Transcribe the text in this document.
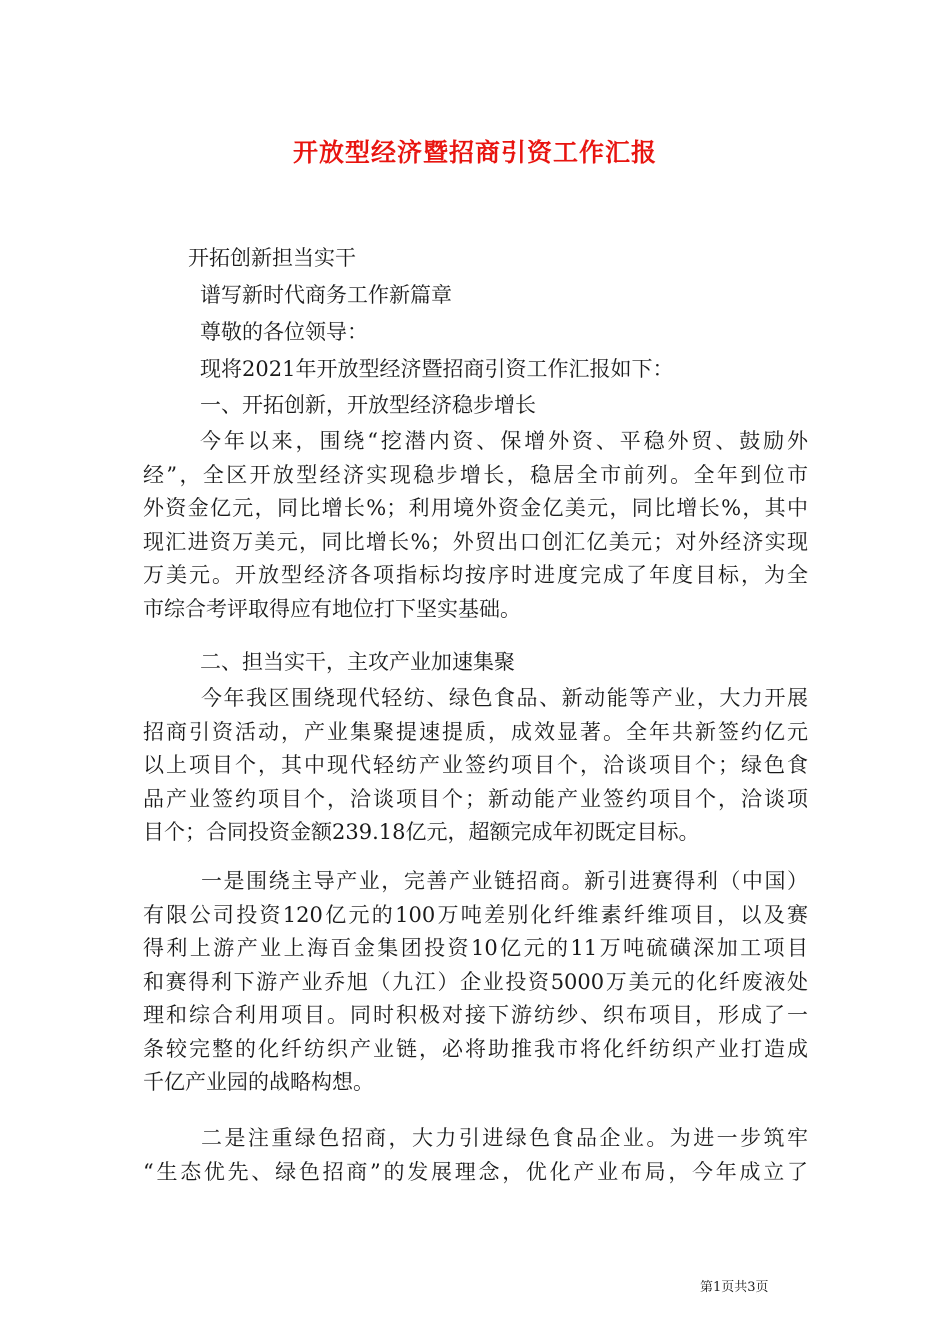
开放型经济暨招商引资工作汇报
开拓创新担当实干
谱写新时代商务工作新篇章
尊敬的各位领导：
现将2021年开放型经济暨招商引资工作汇报如下：
一、开拓创新，开放型经济稳步增长
今年以来，围绕“挖潜内资、保增外资、平稳外贸、鼓励外
经”，全区开放型经济实现稳步增长，稳居全市前列。全年到位市
外资金亿元，同比增长%；利用境外资金亿美元，同比增长%，其中
现汇进资万美元，同比增长%；外贸出口创汇亿美元；对外经济实现
万美元。开放型经济各项指标均按序时进度完成了年度目标，为全
市综合考评取得应有地位打下坚实基础。
二、担当实干，主攻产业加速集聚
今年我区围绕现代轻纺、绿色食品、新动能等产业，大力开展
招商引资活动，产业集聚提速提质，成效显著。全年共新签约亿元
以上项目个，其中现代轻纺产业签约项目个，洽谈项目个；绿色食
品产业签约项目个，洽谈项目个；新动能产业签约项目个，洽谈项
目个；合同投资金额239.18亿元，超额完成年初既定目标。
一是围绕主导产业，完善产业链招商。新引进赛得利（中国）
有限公司投资120亿元的100万吨差别化纤维素纤维项目，以及赛
得利上游产业上海百金集团投资10亿元的11万吨硫磺深加工项目
和赛得利下游产业乔旭（九江）企业投资5000万美元的化纤废液处
理和综合利用项目。同时积极对接下游纺纱、织布项目，形成了一
条较完整的化纤纺织产业链，必将助推我市将化纤纺织产业打造成
千亿产业园的战略构想。
二是注重绿色招商，大力引进绿色食品企业。为进一步筑牢
“生态优先、绿色招商”的发展理念，优化产业布局，今年成立了
第1页共3页
